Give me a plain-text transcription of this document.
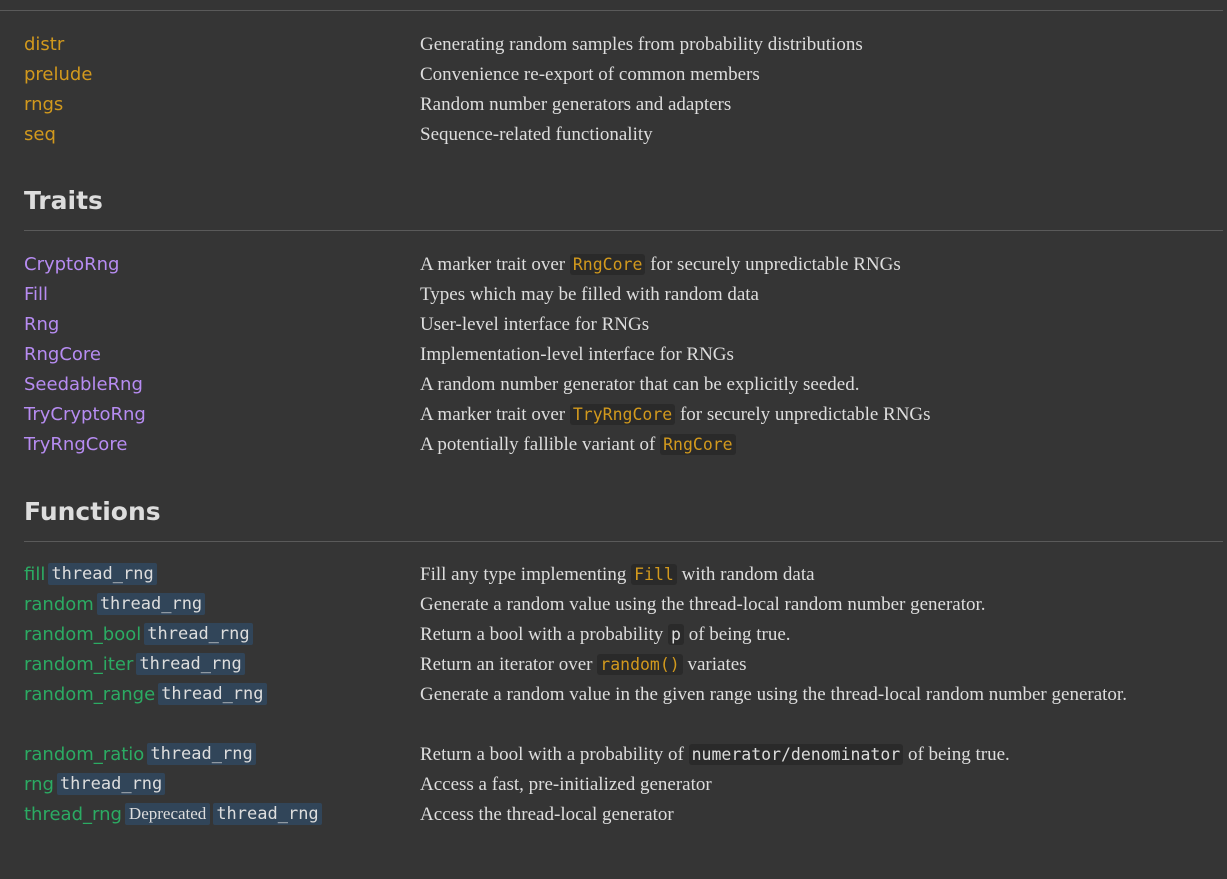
distr	Generating random samples from probability distributions
prelude	Convenience re-export of common members
rngs	Random number generators and adapters
seq	Sequence-related functionality
Traits
CryptoRng	A marker trait over RngCore for securely unpredictable RNGs
Fill	Types which may be filled with random data
Rng	User-level interface for RNGs
RngCore	Implementation-level interface for RNGs
SeedableRng	A random number generator that can be explicitly seeded.
TryCryptoRng	A marker trait over TryRngCore for securely unpredictable RNGs
TryRngCore	A potentially fallible variant of RngCore
Functions
fill thread_rng	Fill any type implementing Fill with random data
random thread_rng	Generate a random value using the thread-local random number generator.
random_bool thread_rng	Return a bool with a probability p of being true.
random_iter thread_rng	Return an iterator over random() variates
random_range thread_rng	Generate a random value in the given range using the thread-local random number generator.
random_ratio thread_rng	Return a bool with a probability of numerator/denominator of being true.
rng thread_rng	Access a fast, pre-initialized generator
thread_rng Deprecated thread_rng	Access the thread-local generator
